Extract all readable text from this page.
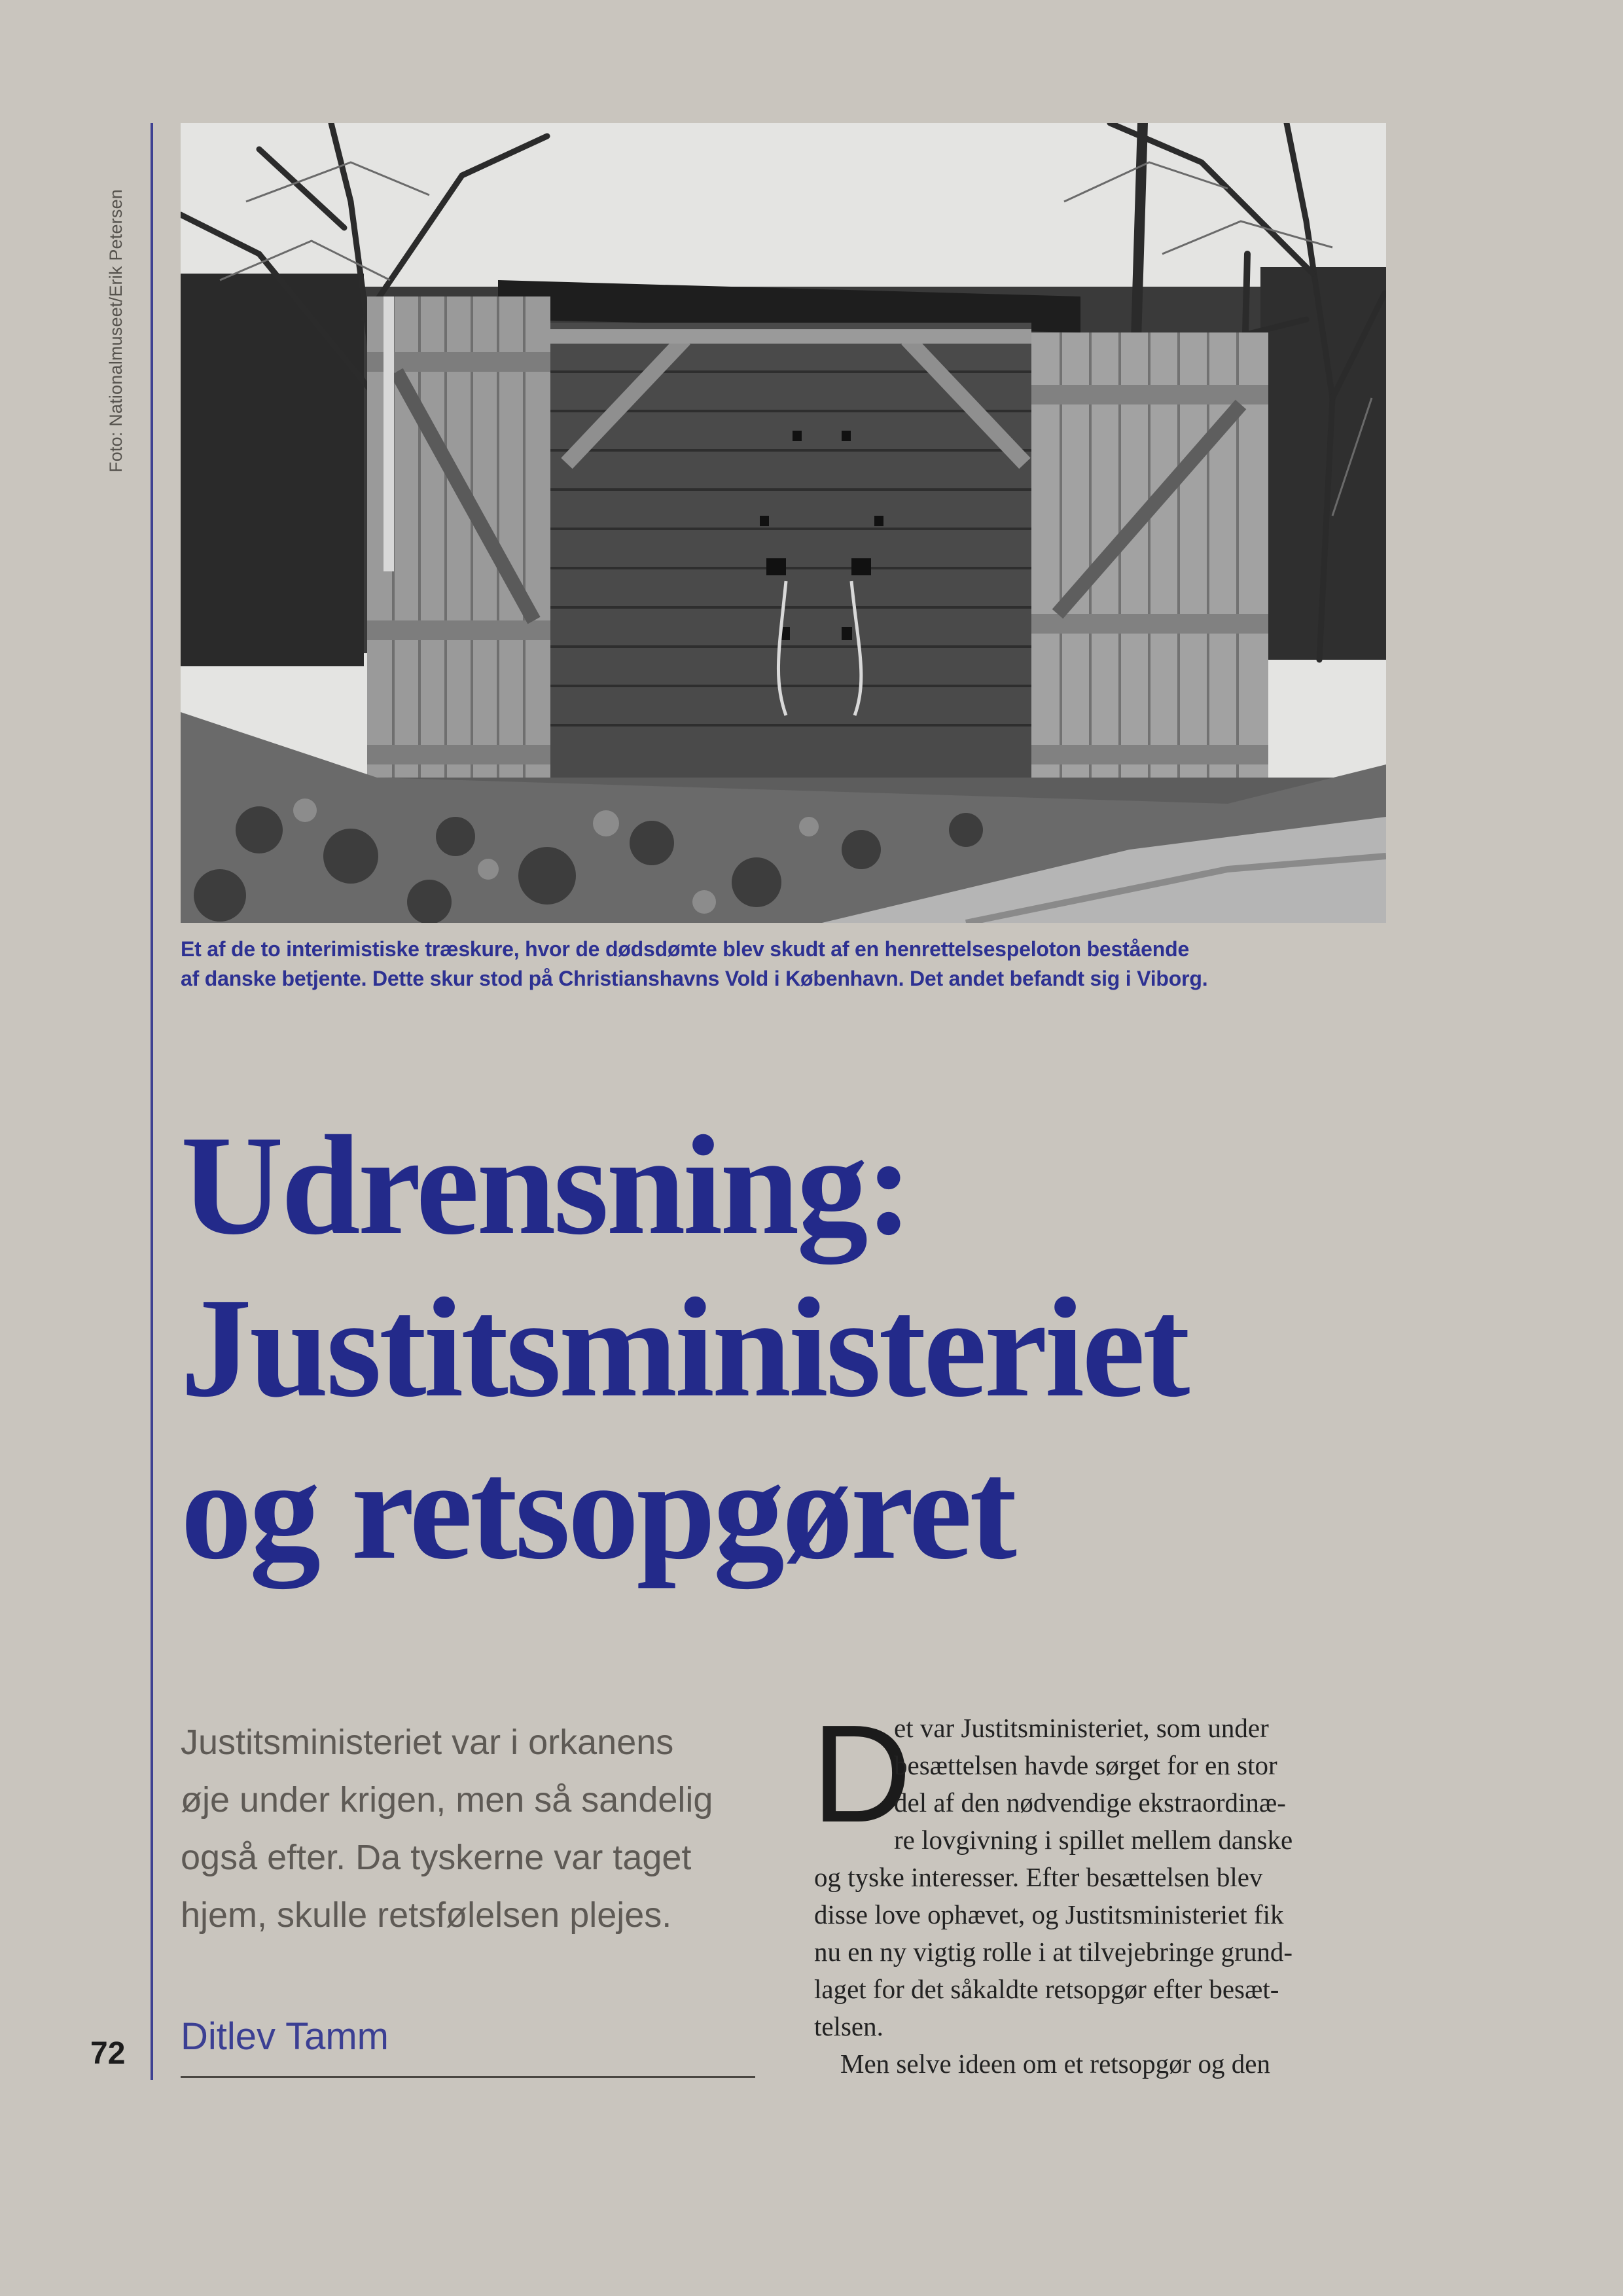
Foto: Nationalmuseet/Erik Petersen
Et af de to interimistiske træskure, hvor de dødsdømte blev skudt af en henrettelsespeloton bestående
af danske betjente. Dette skur stod på Christianshavns Vold i København. Det andet befandt sig i Viborg.
Udrensning:
Justitsministeriet
og retsopgøret
Justitsministeriet var i orkanens
øje under krigen, men så sandelig
også efter. Da tyskerne var taget
hjem, skulle retsfølelsen plejes.
Ditlev Tamm
72
D
et var Justitsministeriet, som under
besættelsen havde sørget for en stor
del af den nødvendige ekstraordinæ-
re lovgivning i spillet mellem danske
og tyske interesser. Efter besættelsen blev
disse love ophævet, og Justitsministeriet fik
nu en ny vigtig rolle i at tilvejebringe grund-
laget for det såkaldte retsopgør efter besæt-
telsen.
Men selve ideen om et retsopgør og den
